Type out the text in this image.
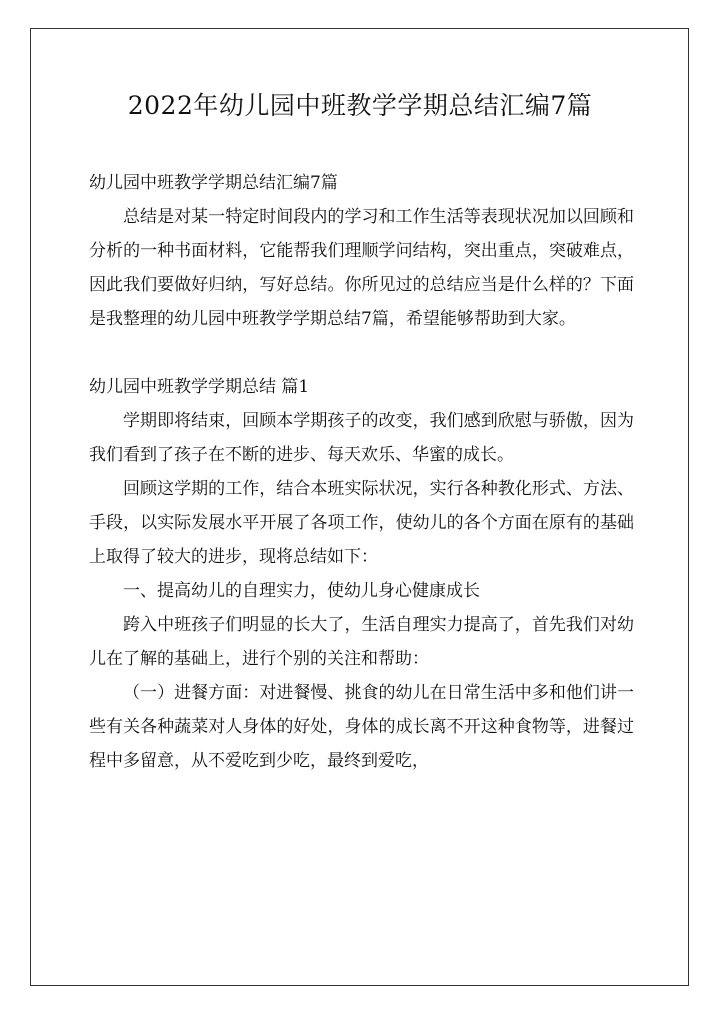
2022年幼儿园中班教学学期总结汇编7篇

幼儿园中班教学学期总结汇编7篇

总结是对某一特定时间段内的学习和工作生活等表现状况加以回顾和分析的一种书面材料，它能帮我们理顺学问结构，突出重点，突破难点，因此我们要做好归纳，写好总结。你所见过的总结应当是什么样的？下面是我整理的幼儿园中班教学学期总结7篇，希望能够帮助到大家。

幼儿园中班教学学期总结 篇1

学期即将结束，回顾本学期孩子的改变，我们感到欣慰与骄傲，因为我们看到了孩子在不断的进步、每天欢乐、华蜜的成长。

回顾这学期的工作，结合本班实际状况，实行各种教化形式、方法、手段，以实际发展水平开展了各项工作，使幼儿的各个方面在原有的基础上取得了较大的进步，现将总结如下：

一、提高幼儿的自理实力，使幼儿身心健康成长

跨入中班孩子们明显的长大了，生活自理实力提高了，首先我们对幼儿在了解的基础上，进行个别的关注和帮助：

（一）进餐方面：对进餐慢、挑食的幼儿在日常生活中多和他们讲一些有关各种蔬菜对人身体的好处，身体的成长离不开这种食物等，进餐过程中多留意，从不爱吃到少吃，最终到爱吃，
